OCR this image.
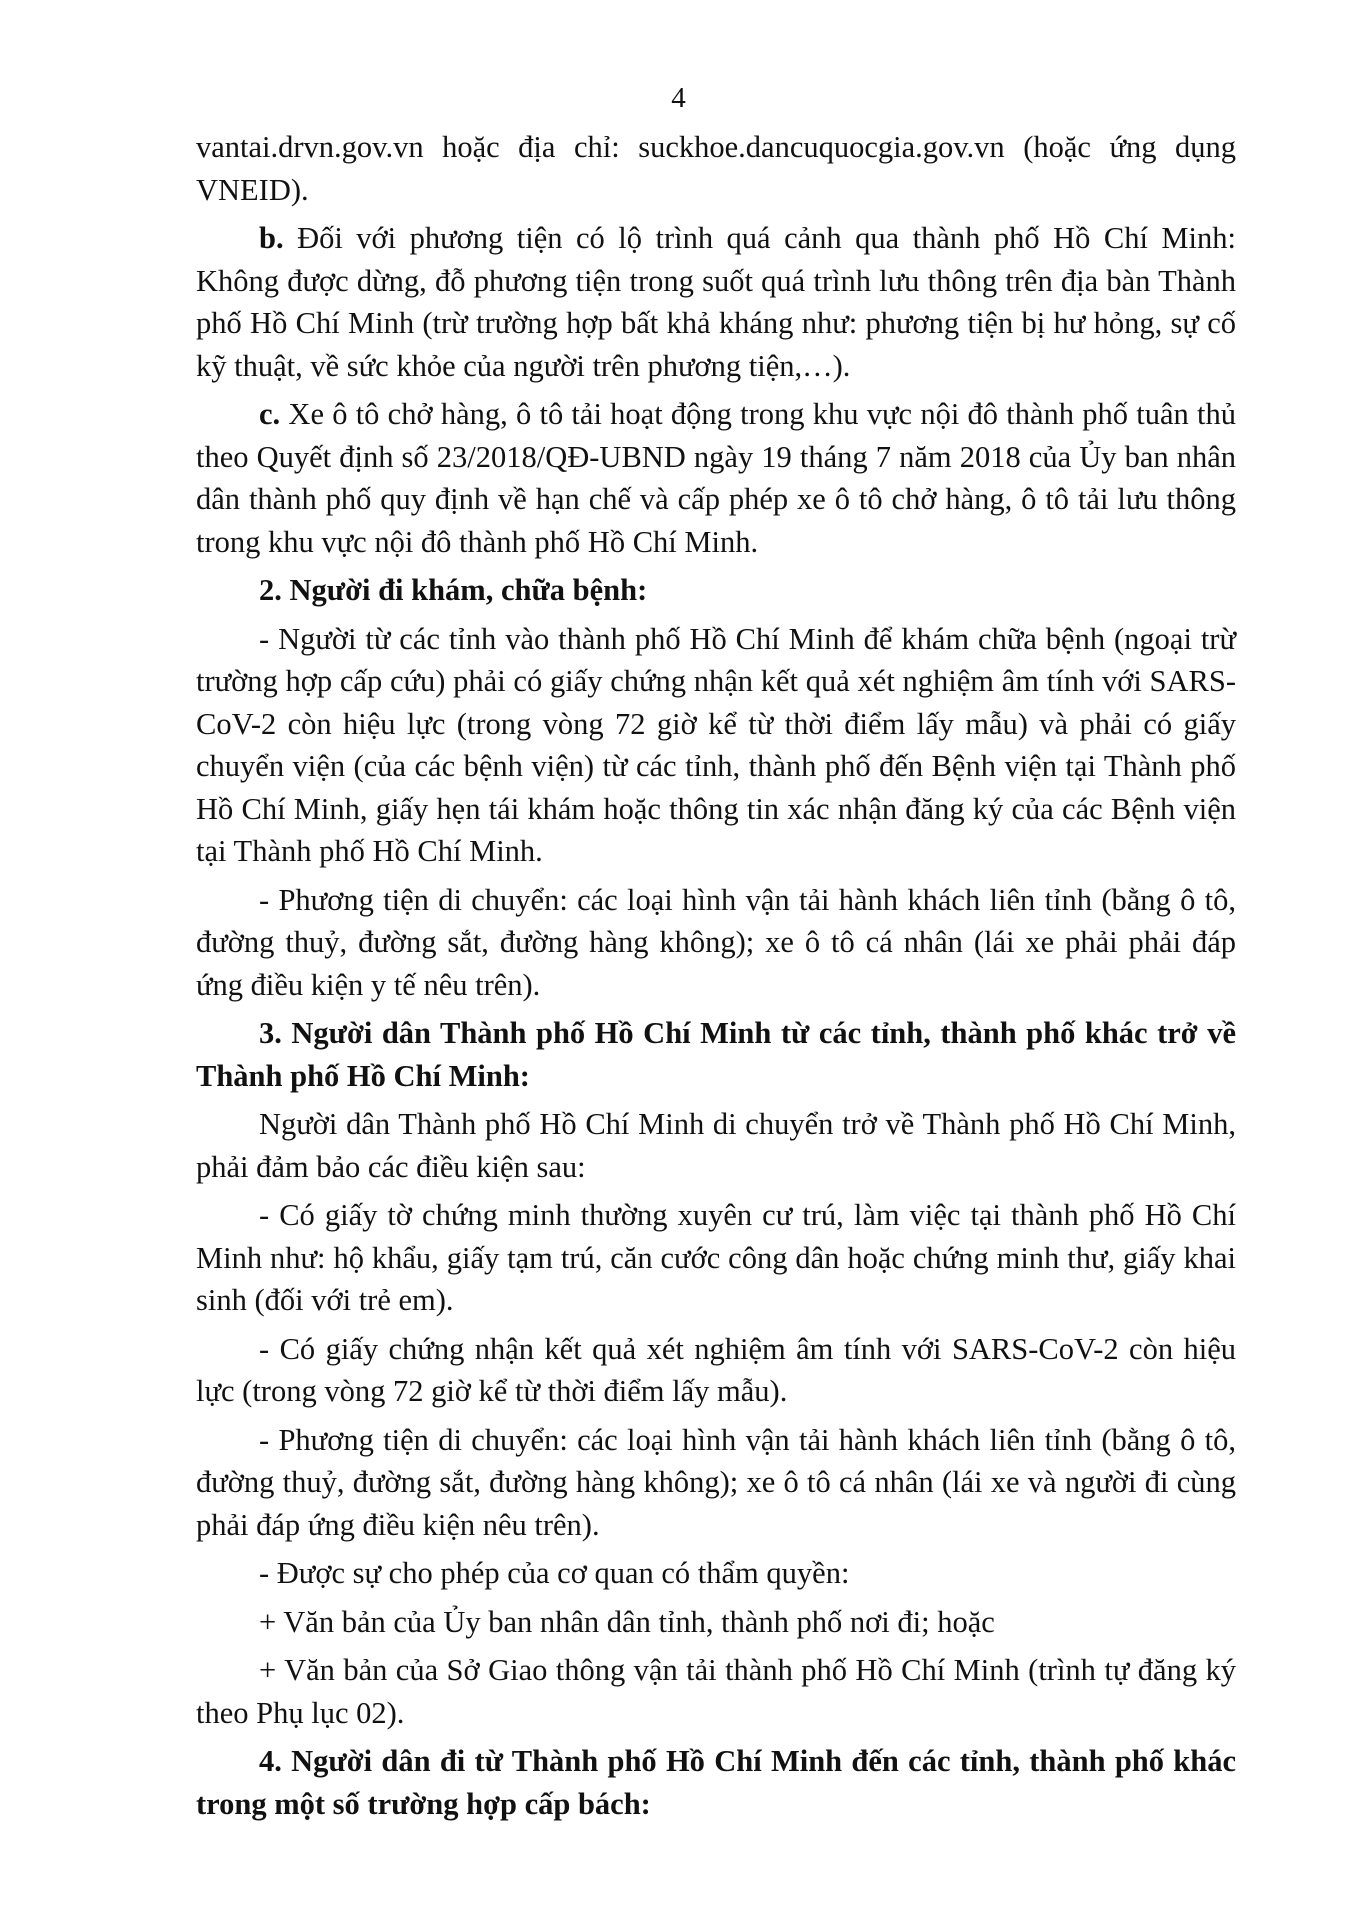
4

vantai.drvn.gov.vn hoặc địa chỉ: suckhoe.dancuquocgia.gov.vn (hoặc ứng dụng VNEID).

b. Đối với phương tiện có lộ trình quá cảnh qua thành phố Hồ Chí Minh: Không được dừng, đỗ phương tiện trong suốt quá trình lưu thông trên địa bàn Thành phố Hồ Chí Minh (trừ trường hợp bất khả kháng như: phương tiện bị hư hỏng, sự cố kỹ thuật, về sức khỏe của người trên phương tiện,…).

c. Xe ô tô chở hàng, ô tô tải hoạt động trong khu vực nội đô thành phố tuân thủ theo Quyết định số 23/2018/QĐ-UBND ngày 19 tháng 7 năm 2018 của Ủy ban nhân dân thành phố quy định về hạn chế và cấp phép xe ô tô chở hàng, ô tô tải lưu thông trong khu vực nội đô thành phố Hồ Chí Minh.

2. Người đi khám, chữa bệnh:

- Người từ các tỉnh vào thành phố Hồ Chí Minh để khám chữa bệnh (ngoại trừ trường hợp cấp cứu) phải có giấy chứng nhận kết quả xét nghiệm âm tính với SARS-CoV-2 còn hiệu lực (trong vòng 72 giờ kể từ thời điểm lấy mẫu) và phải có giấy chuyển viện (của các bệnh viện) từ các tỉnh, thành phố đến Bệnh viện tại Thành phố Hồ Chí Minh, giấy hẹn tái khám hoặc thông tin xác nhận đăng ký của các Bệnh viện tại Thành phố Hồ Chí Minh.

- Phương tiện di chuyển: các loại hình vận tải hành khách liên tỉnh (bằng ô tô, đường thuỷ, đường sắt, đường hàng không); xe ô tô cá nhân (lái xe phải phải đáp ứng điều kiện y tế nêu trên).

3. Người dân Thành phố Hồ Chí Minh từ các tỉnh, thành phố khác trở về Thành phố Hồ Chí Minh:

Người dân Thành phố Hồ Chí Minh di chuyển trở về Thành phố Hồ Chí Minh, phải đảm bảo các điều kiện sau:

- Có giấy tờ chứng minh thường xuyên cư trú, làm việc tại thành phố Hồ Chí Minh như: hộ khẩu, giấy tạm trú, căn cước công dân hoặc chứng minh thư, giấy khai sinh (đối với trẻ em).

- Có giấy chứng nhận kết quả xét nghiệm âm tính với SARS-CoV-2 còn hiệu lực (trong vòng 72 giờ kể từ thời điểm lấy mẫu).

- Phương tiện di chuyển: các loại hình vận tải hành khách liên tỉnh (bằng ô tô, đường thuỷ, đường sắt, đường hàng không); xe ô tô cá nhân (lái xe và người đi cùng phải đáp ứng điều kiện nêu trên).

- Được sự cho phép của cơ quan có thẩm quyền:

+ Văn bản của Ủy ban nhân dân tỉnh, thành phố nơi đi; hoặc

+ Văn bản của Sở Giao thông vận tải thành phố Hồ Chí Minh (trình tự đăng ký theo Phụ lục 02).

4. Người dân đi từ Thành phố Hồ Chí Minh đến các tỉnh, thành phố khác trong một số trường hợp cấp bách:
